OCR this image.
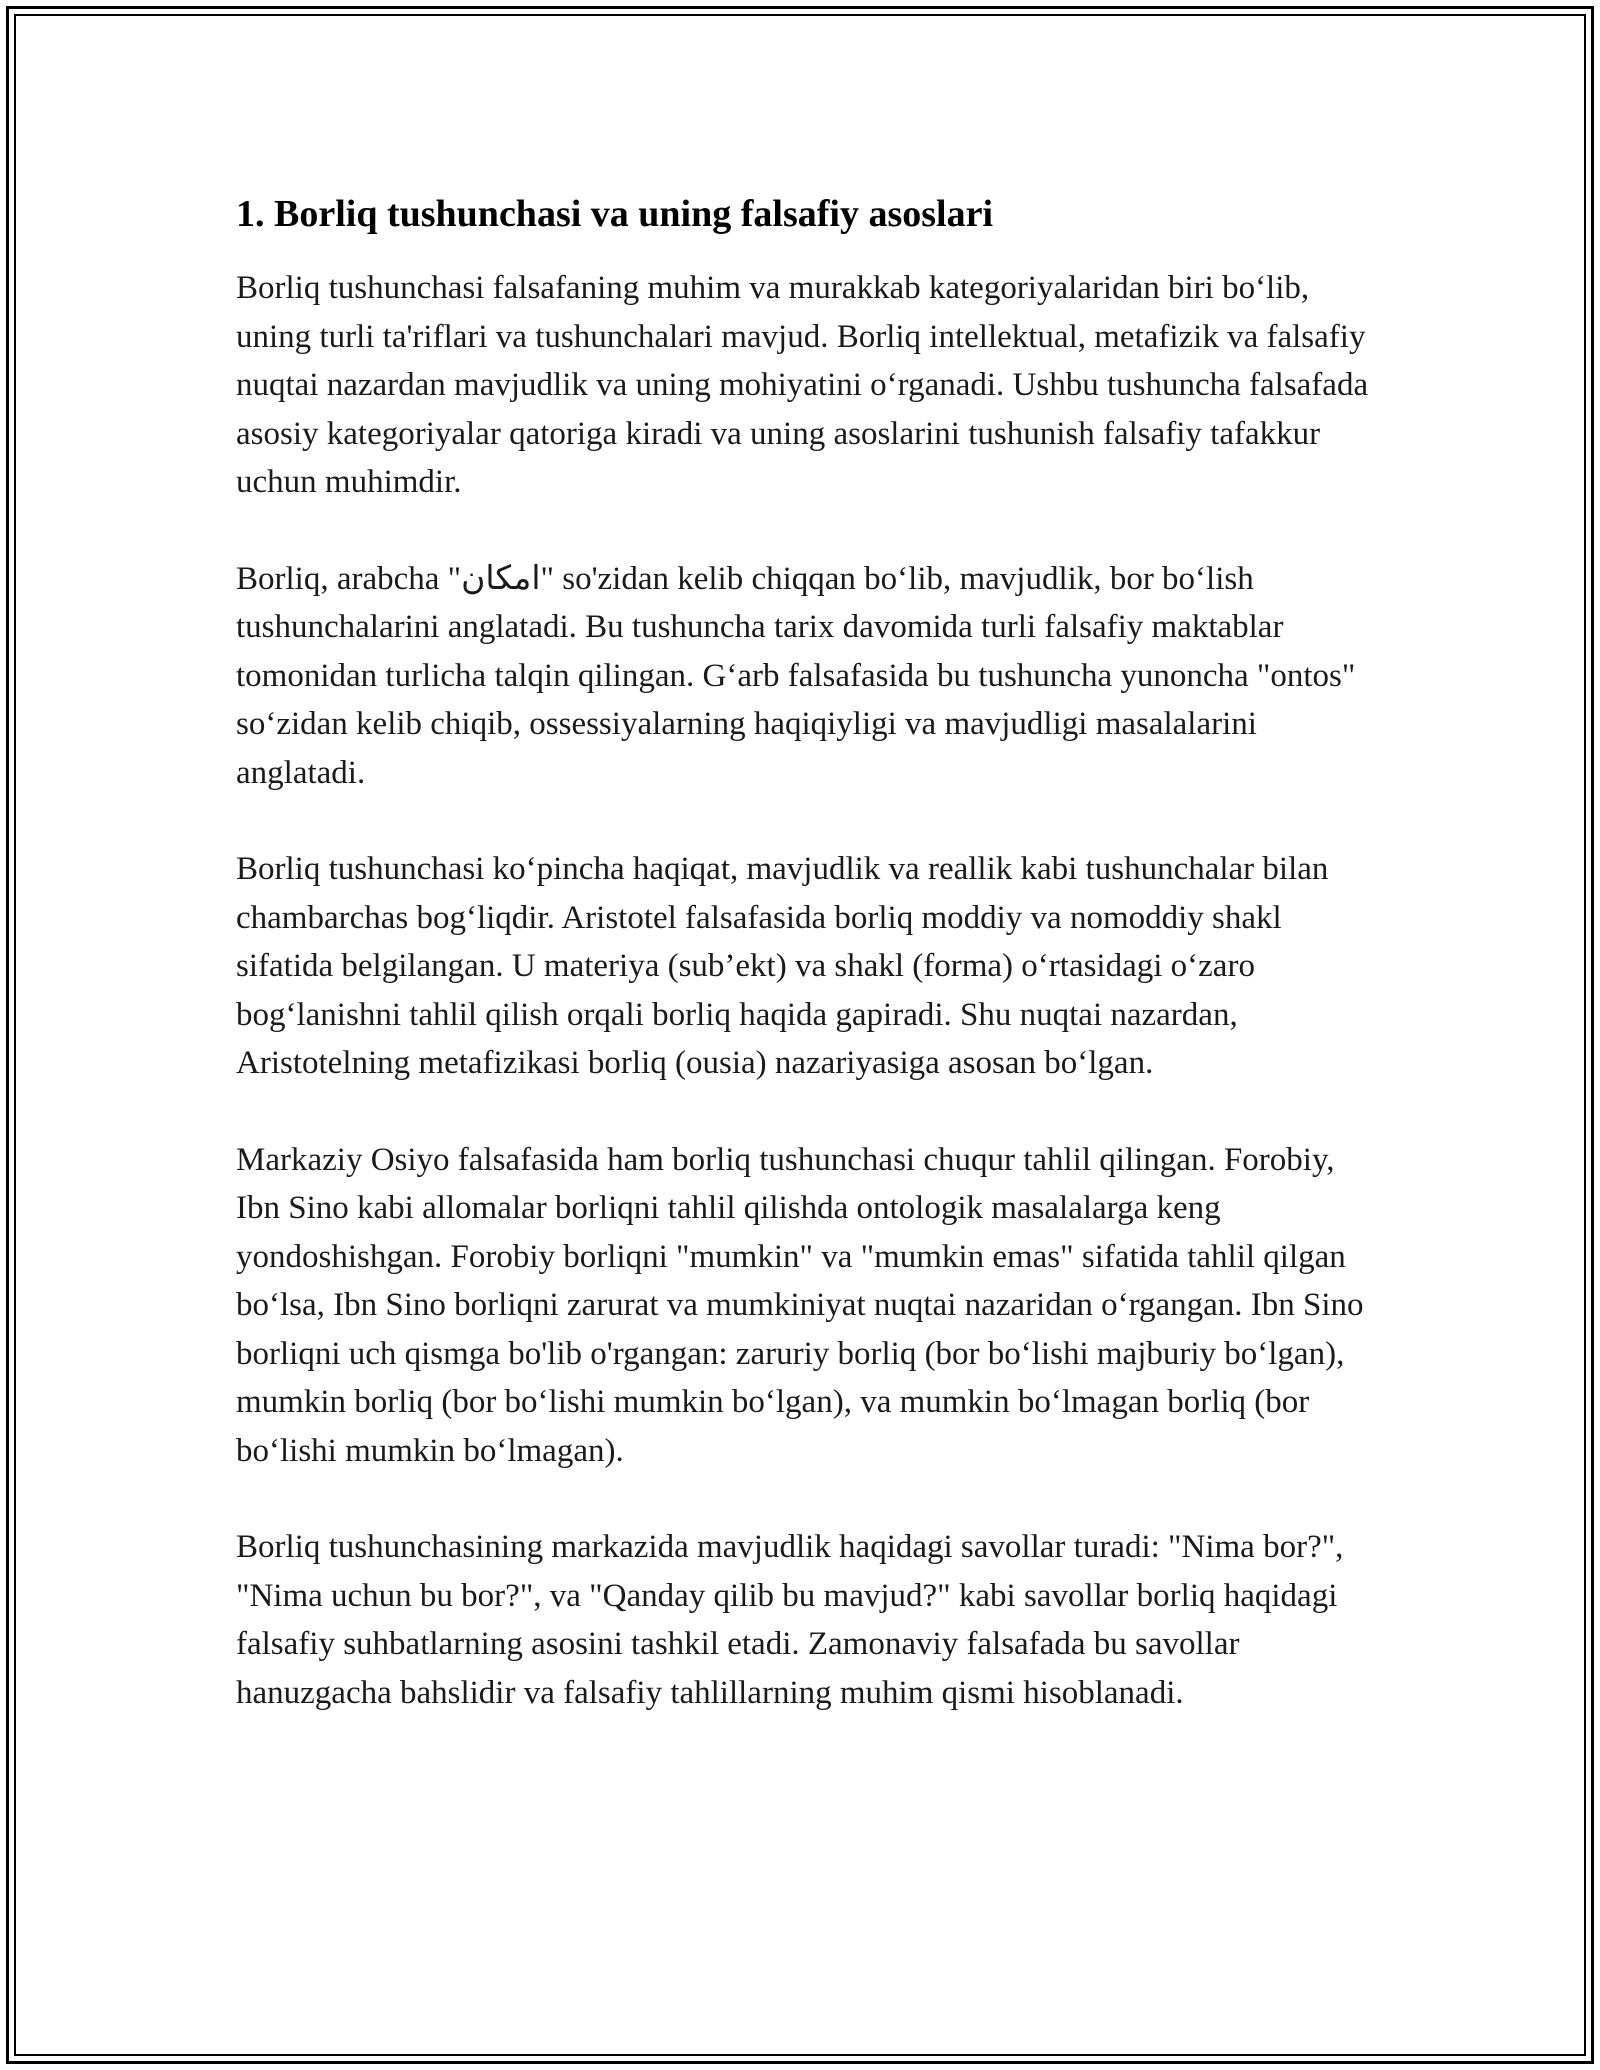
1. Borliq tushunchasi va uning falsafiy asoslari

Borliq tushunchasi falsafaning muhim va murakkab kategoriyalaridan biri bo‘lib, uning turli ta'riflari va tushunchalari mavjud. Borliq intellektual, metafizik va falsafiy nuqtai nazardan mavjudlik va uning mohiyatini o‘rganadi. Ushbu tushuncha falsafada asosiy kategoriyalar qatoriga kiradi va uning asoslarini tushunish falsafiy tafakkur uchun muhimdir.

Borliq, arabcha "امكان" so'zidan kelib chiqqan bo‘lib, mavjudlik, bor bo‘lish tushunchalarini anglatadi. Bu tushuncha tarix davomida turli falsafiy maktablar tomonidan turlicha talqin qilingan. G‘arb falsafasida bu tushuncha yunoncha "ontos" so‘zidan kelib chiqib, ossessiyalarning haqiqiyligi va mavjudligi masalalarini anglatadi.

Borliq tushunchasi ko‘pincha haqiqat, mavjudlik va reallik kabi tushunchalar bilan chambarchas bog‘liqdir. Aristotel falsafasida borliq moddiy va nomoddiy shakl sifatida belgilangan. U materiya (sub’ekt) va shakl (forma) o‘rtasidagi o‘zaro bog‘lanishni tahlil qilish orqali borliq haqida gapiradi. Shu nuqtai nazardan, Aristotelning metafizikasi borliq (ousia) nazariyasiga asosan bo‘lgan.

Markaziy Osiyo falsafasida ham borliq tushunchasi chuqur tahlil qilingan. Forobiy, Ibn Sino kabi allomalar borliqni tahlil qilishda ontologik masalalarga keng yondoshishgan. Forobiy borliqni "mumkin" va "mumkin emas" sifatida tahlil qilgan bo‘lsa, Ibn Sino borliqni zarurat va mumkiniyat nuqtai nazaridan o‘rgangan. Ibn Sino borliqni uch qismga bo'lib o'rgangan: zaruriy borliq (bor bo‘lishi majburiy bo‘lgan), mumkin borliq (bor bo‘lishi mumkin bo‘lgan), va mumkin bo‘lmagan borliq (bor bo‘lishi mumkin bo‘lmagan).

Borliq tushunchasining markazida mavjudlik haqidagi savollar turadi: "Nima bor?", "Nima uchun bu bor?", va "Qanday qilib bu mavjud?" kabi savollar borliq haqidagi falsafiy suhbatlarning asosini tashkil etadi. Zamonaviy falsafada bu savollar hanuzgacha bahslidir va falsafiy tahlillarning muhim qismi hisoblanadi.
